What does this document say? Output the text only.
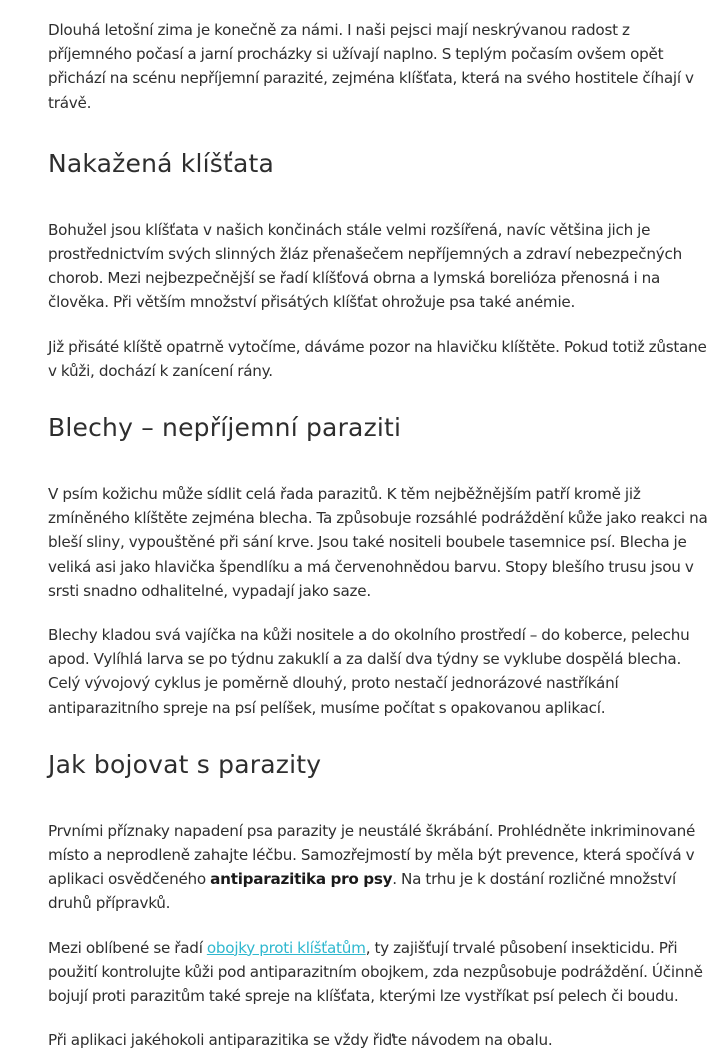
Dlouhá letošní zima je konečně za námi. I naši pejsci mají neskrývanou radost z příjemného počasí a jarní procházky si užívají naplno. S teplým počasím ovšem opět přichází na scénu nepříjemní parazité, zejména klíšťata, která na svého hostitele číhají v trávě.

Nakažená klíšťata

Bohužel jsou klíšťata v našich končinách stále velmi rozšířená, navíc většina jich je prostřednictvím svých slinných žláz přenašečem nepříjemných a zdraví nebezpečných chorob. Mezi nejbezpečnější se řadí klíšťová obrna a lymská borelióza přenosná i na člověka. Při větším množství přisátých klíšťat ohrožuje psa také anémie.

Již přisáté klíště opatrně vytočíme, dáváme pozor na hlavičku klíštěte. Pokud totiž zůstane v kůži, dochází k zanícení rány.

Blechy – nepříjemní paraziti

V psím kožichu může sídlit celá řada parazitů. K těm nejběžnějším patří kromě již zmíněného klíštěte zejména blecha. Ta způsobuje rozsáhlé podráždění kůže jako reakci na bleší sliny, vypouštěné při sání krve. Jsou také nositeli boubele tasemnice psí. Blecha je veliká asi jako hlavička špendlíku a má červenohnědou barvu. Stopy blešího trusu jsou v srsti snadno odhalitelné, vypadají jako saze.

Blechy kladou svá vajíčka na kůži nositele a do okolního prostředí – do koberce, pelechu apod. Vylíhlá larva se po týdnu zakuklí a za další dva týdny se vyklube dospělá blecha. Celý vývojový cyklus je poměrně dlouhý, proto nestačí jednorázové nastříkání antiparazitního spreje na psí pelíšek, musíme počítat s opakovanou aplikací.

Jak bojovat s parazity

Prvními příznaky napadení psa parazity je neustálé škrábání. Prohlédněte inkriminované místo a neprodleně zahajte léčbu. Samozřejmostí by měla být prevence, která spočívá v aplikaci osvědčeného antiparazitika pro psy. Na trhu je k dostání rozličné množství druhů přípravků.

Mezi oblíbené se řadí obojky proti klíšťatům, ty zajišťují trvalé působení insekticidu. Při použití kontrolujte kůži pod antiparazitním obojkem, zda nezpůsobuje podráždění. Účinně bojují proti parazitům také spreje na klíšťata, kterými lze vystříkat psí pelech či boudu.

Při aplikaci jakéhokoli antiparazitika se vždy řiďte návodem na obalu.
